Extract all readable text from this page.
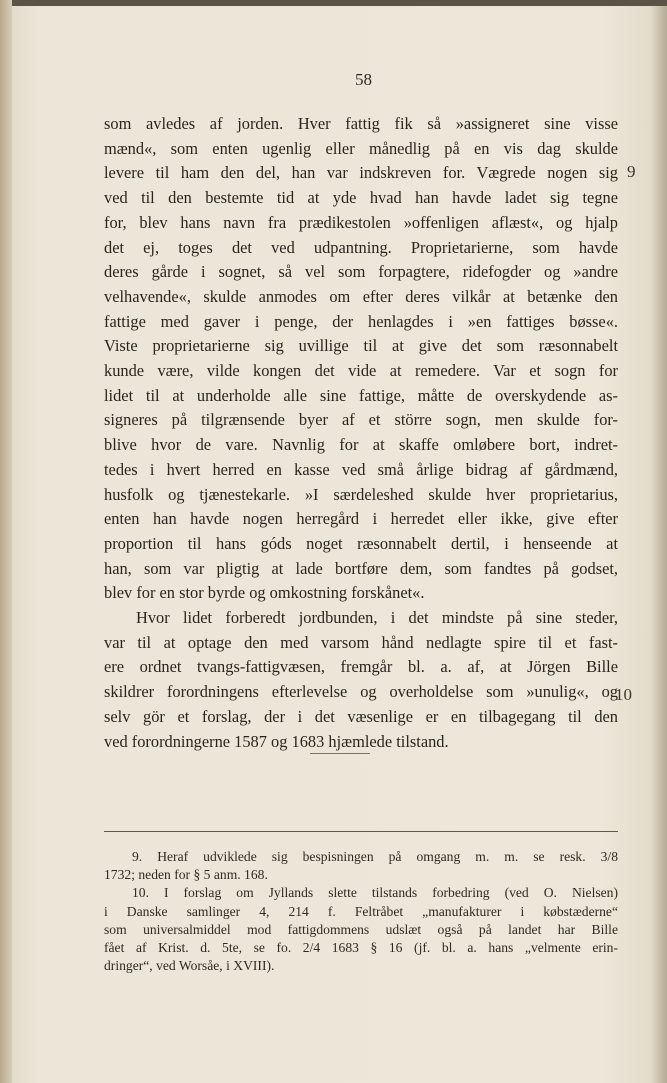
58
som avledes af jorden. Hver fattig fik så »assigneret sine visse
mænd«, som enten ugenlig eller månedlig på en vis dag skulde
levere til ham den del, han var indskreven for. Vægrede nogen sig
ved til den bestemte tid at yde hvad han havde ladet sig tegne
for, blev hans navn fra prædikestolen »offenligen aflæst«, og hjalp
det ej, toges det ved udpantning. Proprietarierne, som havde
deres gårde i sognet, så vel som forpagtere, ridefogder og »andre
velhavende«, skulde anmodes om efter deres vilkår at betænke den
fattige med gaver i penge, der henlagdes i »en fattiges bøsse«.
Viste proprietarierne sig uvillige til at give det som ræsonnabelt
kunde være, vilde kongen det vide at remedere. Var et sogn for
lidet til at underholde alle sine fattige, måtte de overskydende as-
signeres på tilgrænsende byer af et större sogn, men skulde for-
blive hvor de vare. Navnlig for at skaffe omløbere bort, indret-
tedes i hvert herred en kasse ved små årlige bidrag af gårdmænd,
husfolk og tjænestekarle. »I særdeleshed skulde hver proprietarius,
enten han havde nogen herregård i herredet eller ikke, give efter
proportion til hans góds noget ræsonnabelt dertil, i henseende at
han, som var pligtig at lade bortføre dem, som fandtes på godset,
blev for en stor byrde og omkostning forskånet«.
Hvor lidet forberedt jordbunden, i det mindste på sine steder,
var til at optage den med varsom hånd nedlagte spire til et fast-
ere ordnet tvangs-fattigvæsen, fremgår bl. a. af, at Jörgen Bille
skildrer forordningens efterlevelse og overholdelse som »unulig«, og
selv gör et forslag, der i det væsenlige er en tilbagegang til den
ved forordningerne 1587 og 1683 hjæmlede tilstand.
9
10
9. Heraf udviklede sig bespisningen på omgang m. m. se resk. 3/8
1732; neden for § 5 anm. 168.
10. I forslag om Jyllands slette tilstands forbedring (ved O. Nielsen)
i Danske samlinger 4, 214 f. Feltråbet „manufakturer i købstæderne“
som universalmiddel mod fattigdommens udslæt også på landet har Bille
fået af Krist. d. 5te, se fo. 2/4 1683 § 16 (jf. bl. a. hans „velmente erin-
dringer“, ved Worsåe, i XVIII).
